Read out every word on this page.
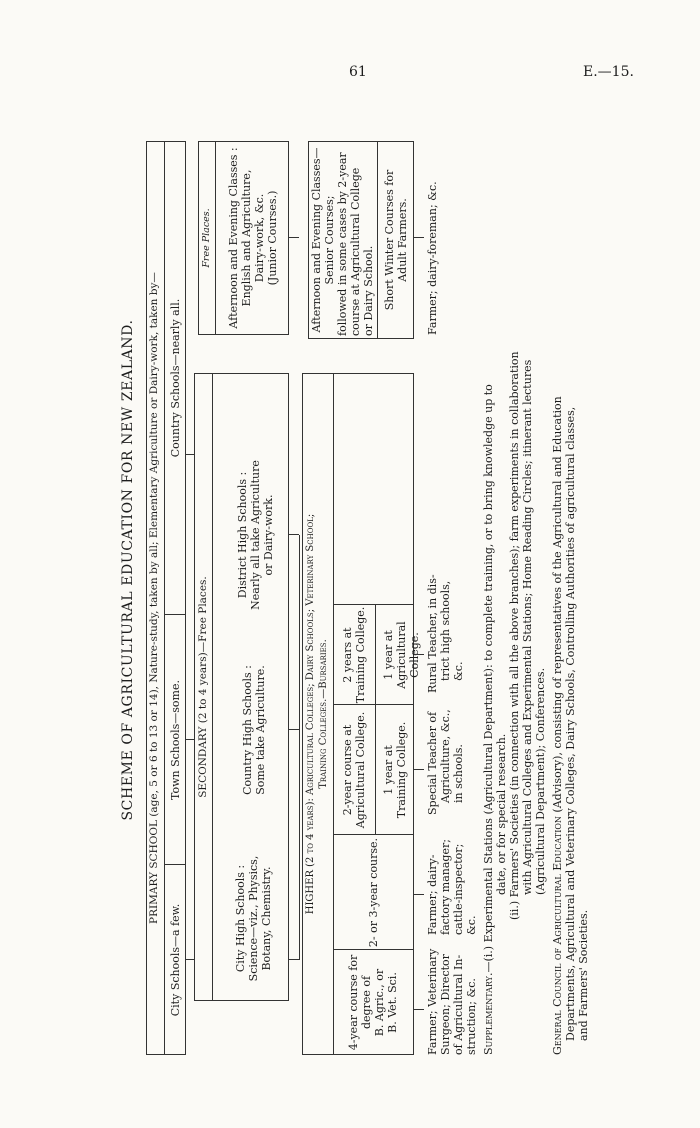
61	E.—15.
SCHEME OF AGRICULTURAL EDUCATION FOR NEW ZEALAND. PRIMARY SCHOOL (age, 5 or 6 to 13 or 14), Nature-study, taken by all; Elementary Agriculture or Dairy-work, taken by—
City Schools—a few.
Town Schools—some.
Country Schools—nearly all.
SECONDARY (2 to 4 years)—Free Places.
City High Schools : Science—viz., Physics, Botany, Chemistry.
Country High Schools : Some take Agriculture.
District High Schools : Nearly all take Agriculture or Dairy-work.
Free Places. Afternoon and Evening Classes : English and Agriculture, Dairy-work, &c. (Junior Courses.)
HIGHER (2 to 4 years): Agricultural Colleges; Dairy Schools; Veterinary School; Training Colleges.—Bursaries.
4-year course for degree of B. Agric., or B. Vet. Sci.
2- or 3-year course.
2-year course at Agricultural College. 1 year at Training College.
2 years at Training College. 1 year at Agricultural College.
Afternoon and Evening Classes— Senior Courses; followed in some cases by 2-year course at Agricultural College or Dairy School. Short Winter Courses for Adult Farmers.
Farmer; Veterinary Surgeon; Director of Agricultural In- struction; &c.
Farmer; dairy- factory manager; cattle-inspector; &c.
Special Teacher of Agriculture, &c., in schools.
Rural Teacher, in dis- trict high schools, &c.
Farmer; dairy-foreman; &c.
Supplementary.—(i.) Experimental Stations (Agricultural Department): to complete training, or to bring knowledge up to date, or for special research. (ii.) Farmers' Societies (in connection with all the above branches); farm experiments in collaboration with Agricultural Colleges and Experimental Stations; Home Reading Circles; itinerant lectures (Agricultural Department); Conferences.
General Council of Agricultural Education (Advisory), consisting of representatives of the Agricultural and Education Departments, Agricultural and Veterinary Colleges, Dairy Schools, Controlling Authorities of agricultural classes, and Farmers' Societies.
